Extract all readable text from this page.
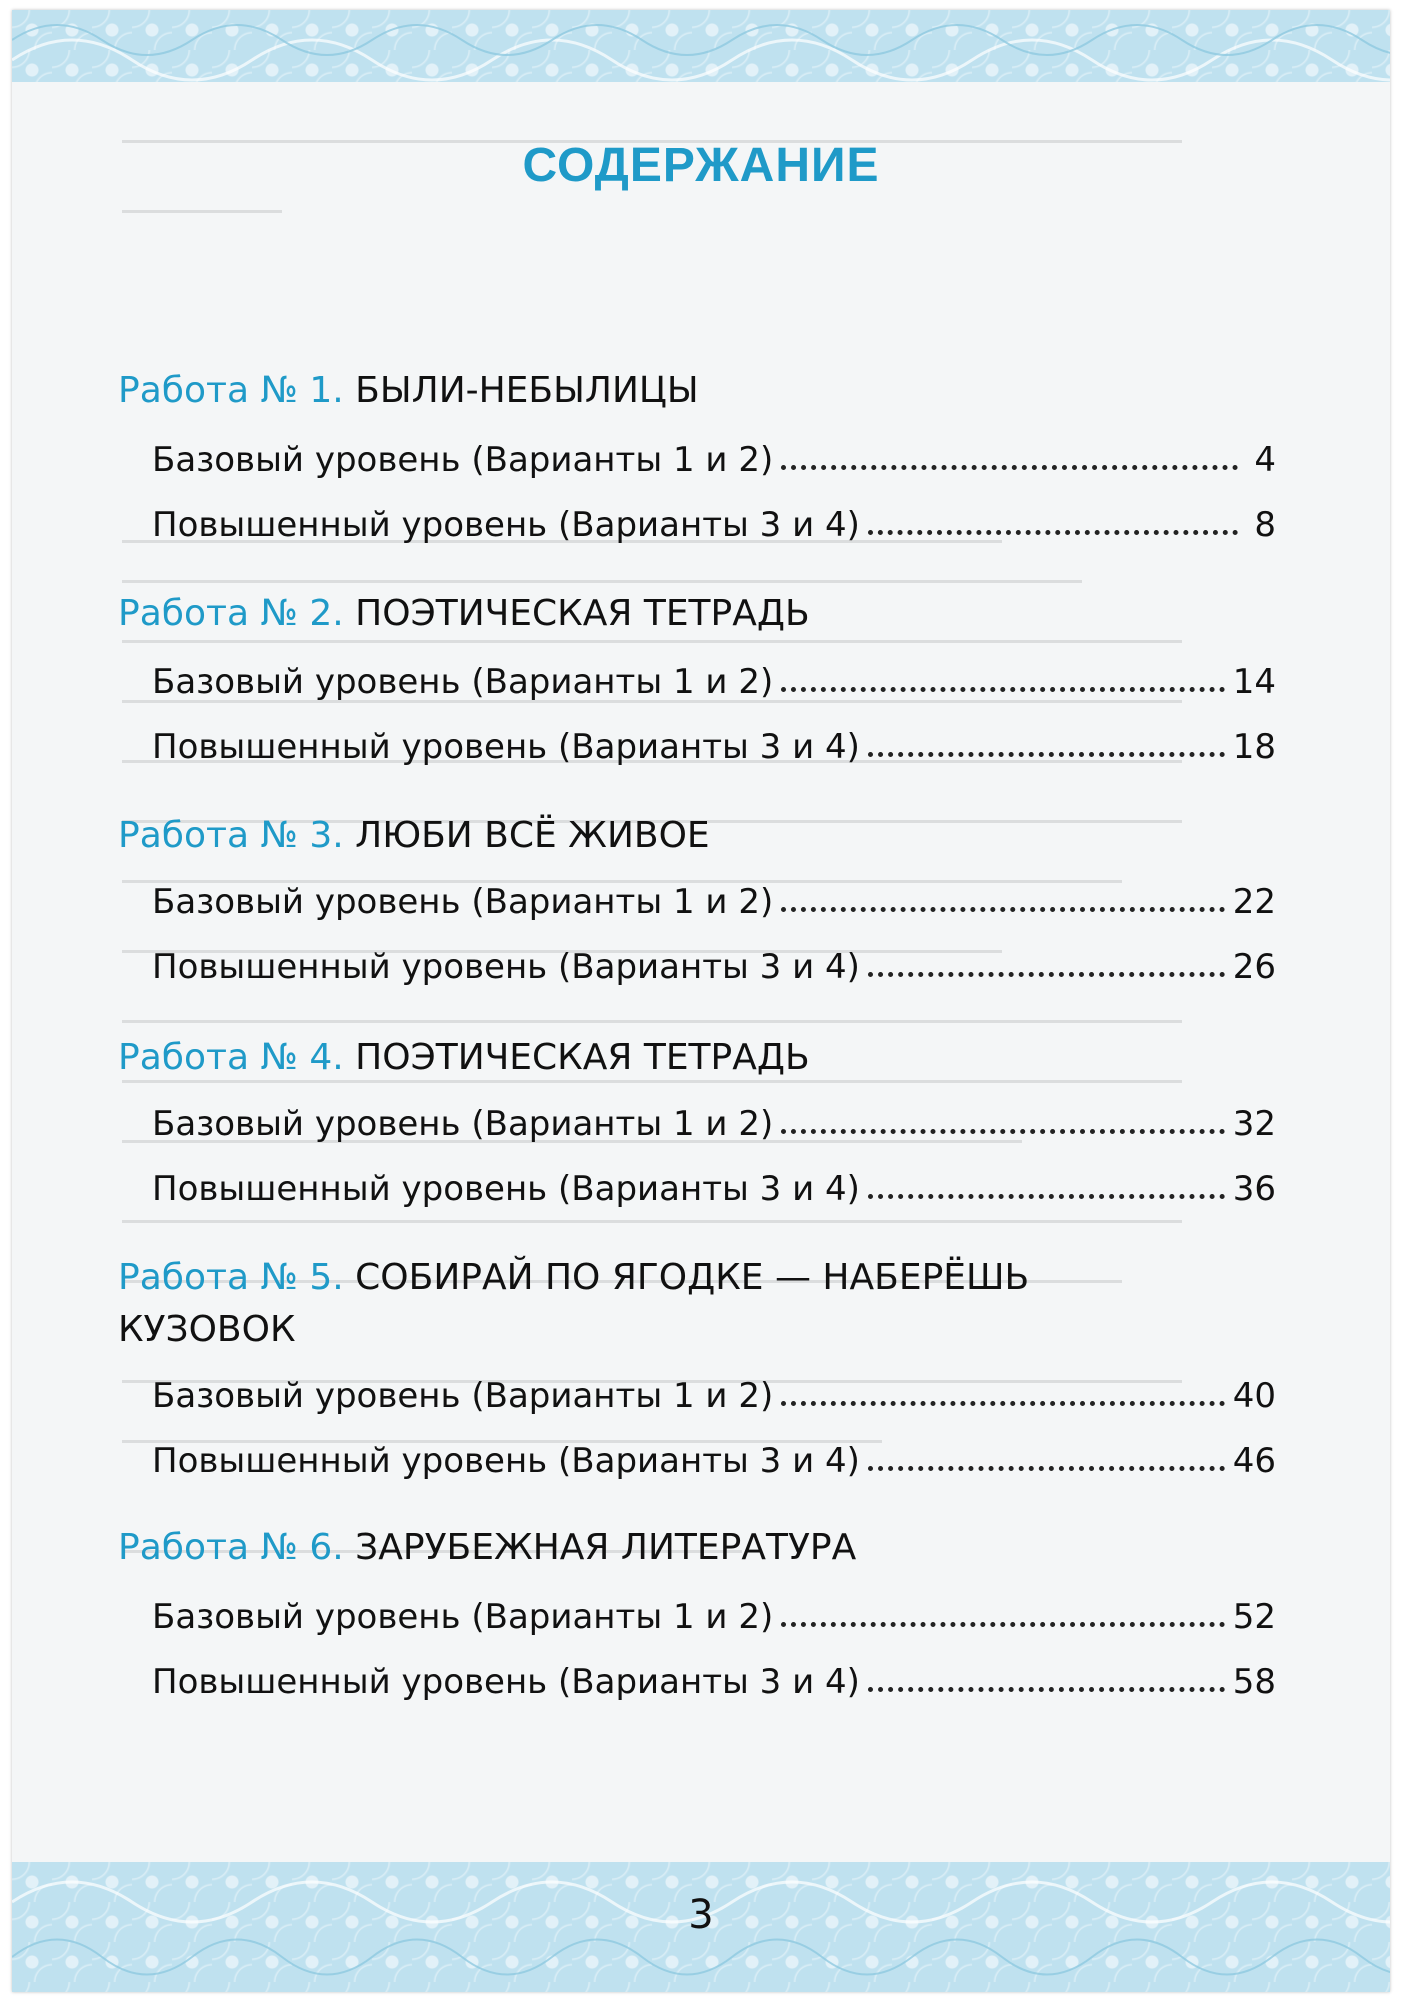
СОДЕРЖАНИЕ
Работа № 1. БЫЛИ-НЕБЫЛИЦЫ
Базовый уровень (Варианты 1 и 2)	4
Повышенный уровень (Варианты 3 и 4)	8
Работа № 2. ПОЭТИЧЕСКАЯ ТЕТРАДЬ
Базовый уровень (Варианты 1 и 2)	14
Повышенный уровень (Варианты 3 и 4)	18
Работа № 3. ЛЮБИ ВСЁ ЖИВОЕ
Базовый уровень (Варианты 1 и 2)	22
Повышенный уровень (Варианты 3 и 4)	26
Работа № 4. ПОЭТИЧЕСКАЯ ТЕТРАДЬ
Базовый уровень (Варианты 1 и 2)	32
Повышенный уровень (Варианты 3 и 4)	36
Работа № 5. СОБИРАЙ ПО ЯГОДКЕ — НАБЕРЁШЬ КУЗОВОК
Базовый уровень (Варианты 1 и 2)	40
Повышенный уровень (Варианты 3 и 4)	46
Работа № 6. ЗАРУБЕЖНАЯ ЛИТЕРАТУРА
Базовый уровень (Варианты 1 и 2)	52
Повышенный уровень (Варианты 3 и 4)	58
3
